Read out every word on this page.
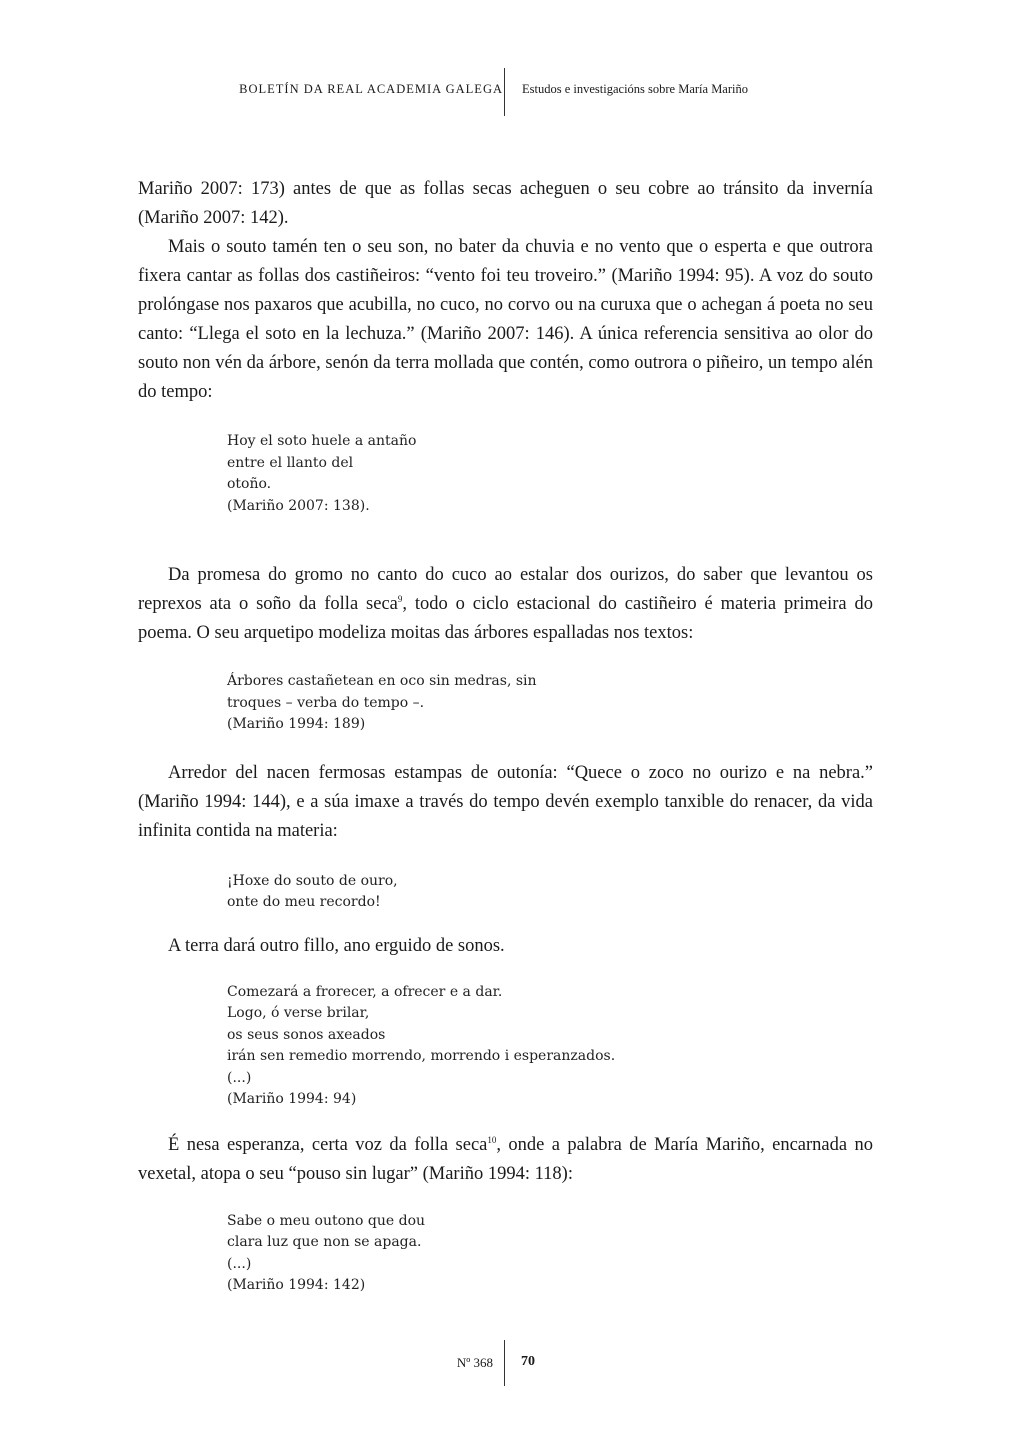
BOLETÍN DA REAL ACADEMIA GALEGA Estudos e investigacións sobre María Mariño

Mariño 2007: 173) antes de que as follas secas acheguen o seu cobre ao tránsito da invernía (Mariño 2007: 142).

Mais o souto tamén ten o seu son, no bater da chuvia e no vento que o esperta e que outrora fixera cantar as follas dos castiñeiros: “vento foi teu troveiro.” (Mariño 1994: 95). A voz do souto prolóngase nos paxaros que acubilla, no cuco, no corvo ou na curuxa que o achegan á poeta no seu canto: “Llega el soto en la lechuza.” (Mariño 2007: 146). A única referencia sensitiva ao olor do souto non vén da árbore, senón da terra mollada que contén, como outrora o piñeiro, un tempo alén do tempo:

Hoy el soto huele a antaño
entre el llanto del
otoño.
(Mariño 2007: 138).

Da promesa do gromo no canto do cuco ao estalar dos ourizos, do saber que levantou os reprexos ata o soño da folla seca$^9$, todo o ciclo estacional do castiñeiro é materia primeira do poema. O seu arquetipo modeliza moitas das árbores espalladas nos textos:

Árbores castañetean en oco sin medras, sin
troques – verba do tempo –.
(Mariño 1994: 189)

Arredor del nacen fermosas estampas de outonía: “Quece o zoco no ourizo e na nebra.” (Mariño 1994: 144), e a súa imaxe a través do tempo devén exemplo tanxible do renacer, da vida infinita contida na materia:

¡Hoxe do souto de ouro,
onte do meu recordo!

A terra dará outro fillo, ano erguido de sonos.

Comezará a frorecer, a ofrecer e a dar.
Logo, ó verse brilar,
os seus sonos axeados
irán sen remedio morrendo, morrendo i esperanzados.
(...)
(Mariño 1994: 94)

É nesa esperanza, certa voz da folla seca$^{10}$, onde a palabra de María Mariño, encarnada no vexetal, atopa o seu “pouso sin lugar” (Mariño 1994: 118):

Sabe o meu outono que dou
clara luz que non se apaga.
(...)
(Mariño 1994: 142)
Nº 368 70
